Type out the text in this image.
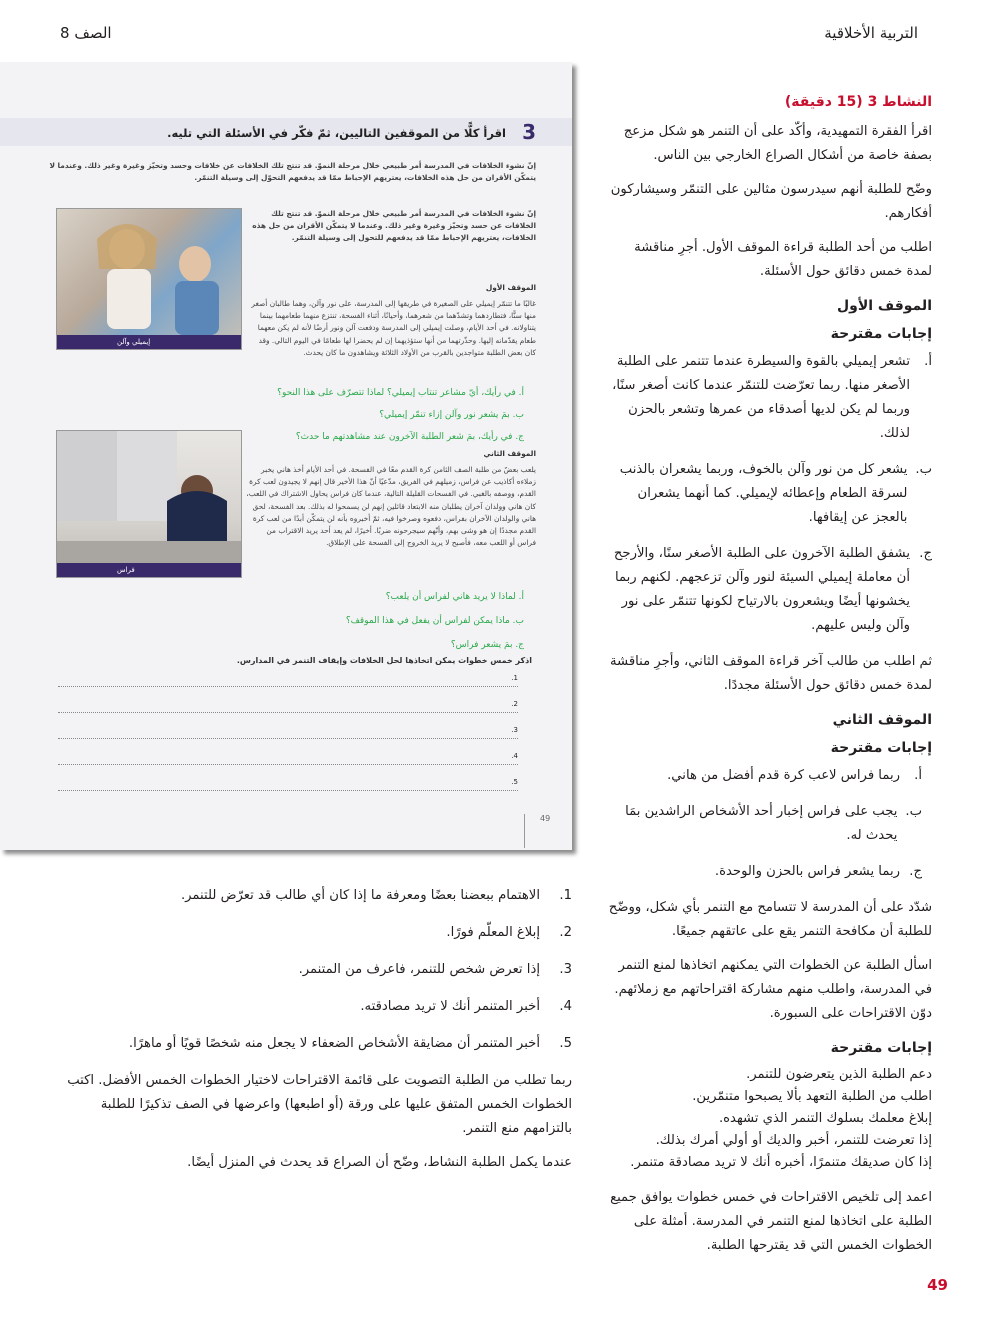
التربية الأخلاقية
الصف 8

النشاط 3 (15 دقيقة)

اقرأ الفقرة التمهيدية، وأكّد على أن التنمر هو شكل مزعج بصفة خاصة من أشكال الصراع الخارجي بين الناس.

وضّح للطلبة أنهم سيدرسون مثالين على التنمّر وسيشاركون أفكارهم.

اطلب من أحد الطلبة قراءة الموقف الأول. أجرِ مناقشة لمدة خمس دقائق حول الأسئلة.

الموقف الأول

إجابات مقترحة

أ.
تشعر إيميلي بالقوة والسيطرة عندما تتنمر على الطلبة الأصغر منها. ربما تعرّضت للتنمّر عندما كانت أصغر سنًا، وربما لم يكن لديها أصدقاء من عمرها وتشعر بالحزن لذلك.
ب.
يشعر كل من نور وآلن بالخوف، وربما يشعران بالذنب لسرقة الطعام وإعطائه لإيميلي. كما أنهما يشعران بالعجز عن إيقافها.
ج.
يشفق الطلبة الآخرون على الطلبة الأصغر سنًا، والأرجح أن معاملة إيميلي السيئة لنور وآلن تزعجهم. لكنهم ربما يخشونها أيضًا ويشعرون بالارتياح لكونها تتنمّر على نور وآلن وليس عليهم.

ثم اطلب من طالب آخر قراءة الموقف الثاني، وأجرِ مناقشة لمدة خمس دقائق حول الأسئلة مجددًا.

الموقف الثاني

إجابات مقترحة

أ.
ربما فراس لاعب كرة قدم أفضل من هاني.
ب.
يجب على فراس إخبار أحد الأشخاص الراشدين بمَا يحدث له.
ج.
ربما يشعر فراس بالحزن والوحدة.

شدّد على أن المدرسة لا تتسامح مع التنمر بأي شكل، ووضّح للطلبة أن مكافحة التنمر يقع على عاتقهم جميعًا.

اسأل الطلبة عن الخطوات التي يمكنهم اتخاذها لمنع التنمر في المدرسة، واطلب منهم مشاركة اقتراحاتهم مع زملائهم. دوّن الاقتراحات على السبورة.

إجابات مقترحة

دعم الطلبة الذين يتعرضون للتنمر.
اطلب من الطلبة التعهد بألا يصبحوا متنمّرين.
إبلاغ معلمك بسلوك التنمر الذي تشهده.
إذا تعرضت للتنمر، أخبر والديك أو أولي أمرك بذلك.
إذا كان صديقك متنمرًا، أخبره أنك لا تريد مصادقة متنمر.

اعمد إلى تلخيص الاقتراحات في خمس خطوات يوافق جميع الطلبة على اتخاذها لمنع التنمر في المدرسة. أمثلة على الخطوات الخمس التي قد يقترحها الطلبة.

3
اقرأ كلًّا من الموقفين التاليين، ثمّ فكّر في الأسئلة التي تليه.
إنّ نشوء الخلافات في المدرسة أمر طبيعي خلال مرحلة النموّ. قد تنتج تلك الخلافات عن خلافات وحسد وتحيّز وغيرة وغير ذلك. وعندما لا يتمكّن الأقران من حل هذه الخلافات، يعتريهم الإحباط ممّا قد يدفعهم التحوّل إلى وسيلة التنمّر.
إيميلي وآلن
إنّ نشوء الخلافات في المدرسة أمر طبيعي خلال مرحلة النموّ. قد تنتج تلك الخلافات عن حسد وتحيّز وغيرة وغير ذلك. وعندما لا يتمكّن الأقران من حل هذه الخلافات، يعتريهم الإحباط ممّا قد يدفعهم للتحول إلى وسيلة التنمّر.
الموقف الأول
غالبًا ما تتنمّر إيميلي على الصغيرة في طريقها إلى المدرسة، على نور وآلن، وهما طالبان أصغر منها سنًّا، فتطاردهما وتشدّهما من شعرهما، وأحيانًا، أثناء الفسحة، تنتزع منهما طعامهما بينما يتناولانه. في أحد الأيام، وصلت إيميلي إلى المدرسة ودفعت آلن ونور أرضًا لأنه لم يكن معهما طعام يقدّمانه إليها. وحذّرتهما من أنها ستؤذيهما إن لم يحضرا لها طعامًا في اليوم التالي. وقد كان بعض الطلبة متواجدين بالقرب من الأولاد الثلاثة ويشاهدون ما كان يحدث.
أ. في رأيك، أيّ مشاعر تنتاب إيميلي؟ لماذا تتصرّف على هذا النحو؟
ب. بمَ يشعر نور وآلن إزاء تنمّر إيميلي؟
ج. في رأيك، بمَ شعر الطلبة الآخرون عند مشاهدتهم ما حدث؟
فراس
الموقف الثاني
يلعب بعضٌ من طلبة الصف الثامن كرة القدم معًا في الفسحة. في أحد الأيام أخذ هاني يخبر زملاءه أكاذيب عن فراس، زميلهم في الفريق، مدّعيًا أنّ هذا الأخير قال إنهم لا يجيدون لعب كرة القدم، ووصفه بالغبي. في الفسحات القليلة التالية، عندما كان فراس يحاول الاشتراك في اللعب، كان هاني وولدان آخران يطلبان منه الابتعاد قائلين إنهم لن يسمحوا له بذلك. بعد الفسحة، لحق هاني والولدان الآخران بفراس، دفعوه وصرخوا فيه، ثمّ أخبروه بأنه لن يتمكّن أبدًا من لعب كرة القدم مجددًا إن هو وشى بهم، وأنّهم سيجرحونه ضربًا. أخيرًا، لم يعد أحد يريد الاقتراب من فراس أو اللعب معه، فأصبح لا يريد الخروج إلى الفسحة على الإطلاق.
أ. لماذا لا يريد هاني لفراس أن يلعب؟
ب. ماذا يمكن لفراس أن يفعل في هذا الموقف؟
ج. بمَ يشعر فراس؟
اذكر خمس خطوات يمكن اتخاذها لحل الخلافات وإيقاف التنمر في المدارس.
1.
2.
3.
4.
5.
49
1.
الاهتمام ببعضنا بعضًا ومعرفة ما إذا كان أي طالب قد تعرّض للتنمر.
2.
إبلاغ المعلّم فورًا.
3.
إذا تعرض شخص للتنمر، فاعرف من المتنمر.
4.
أخبر المتنمر أنك لا تريد مصادقته.
5.
أخبر المتنمر أن مضايقة الأشخاص الضعفاء لا يجعل منه شخصًا قويًا أو ماهرًا.

ربما تطلب من الطلبة التصويت على قائمة الاقتراحات لاختيار الخطوات الخمس الأفضل. اكتب الخطوات الخمس المتفق عليها على ورقة (أو اطبعها) واعرضها في الصف تذكيرًا للطلبة بالتزامهم منع التنمر.

عندما يكمل الطلبة النشاط، وضّح أن الصراع قد يحدث في المنزل أيضًا.

49
